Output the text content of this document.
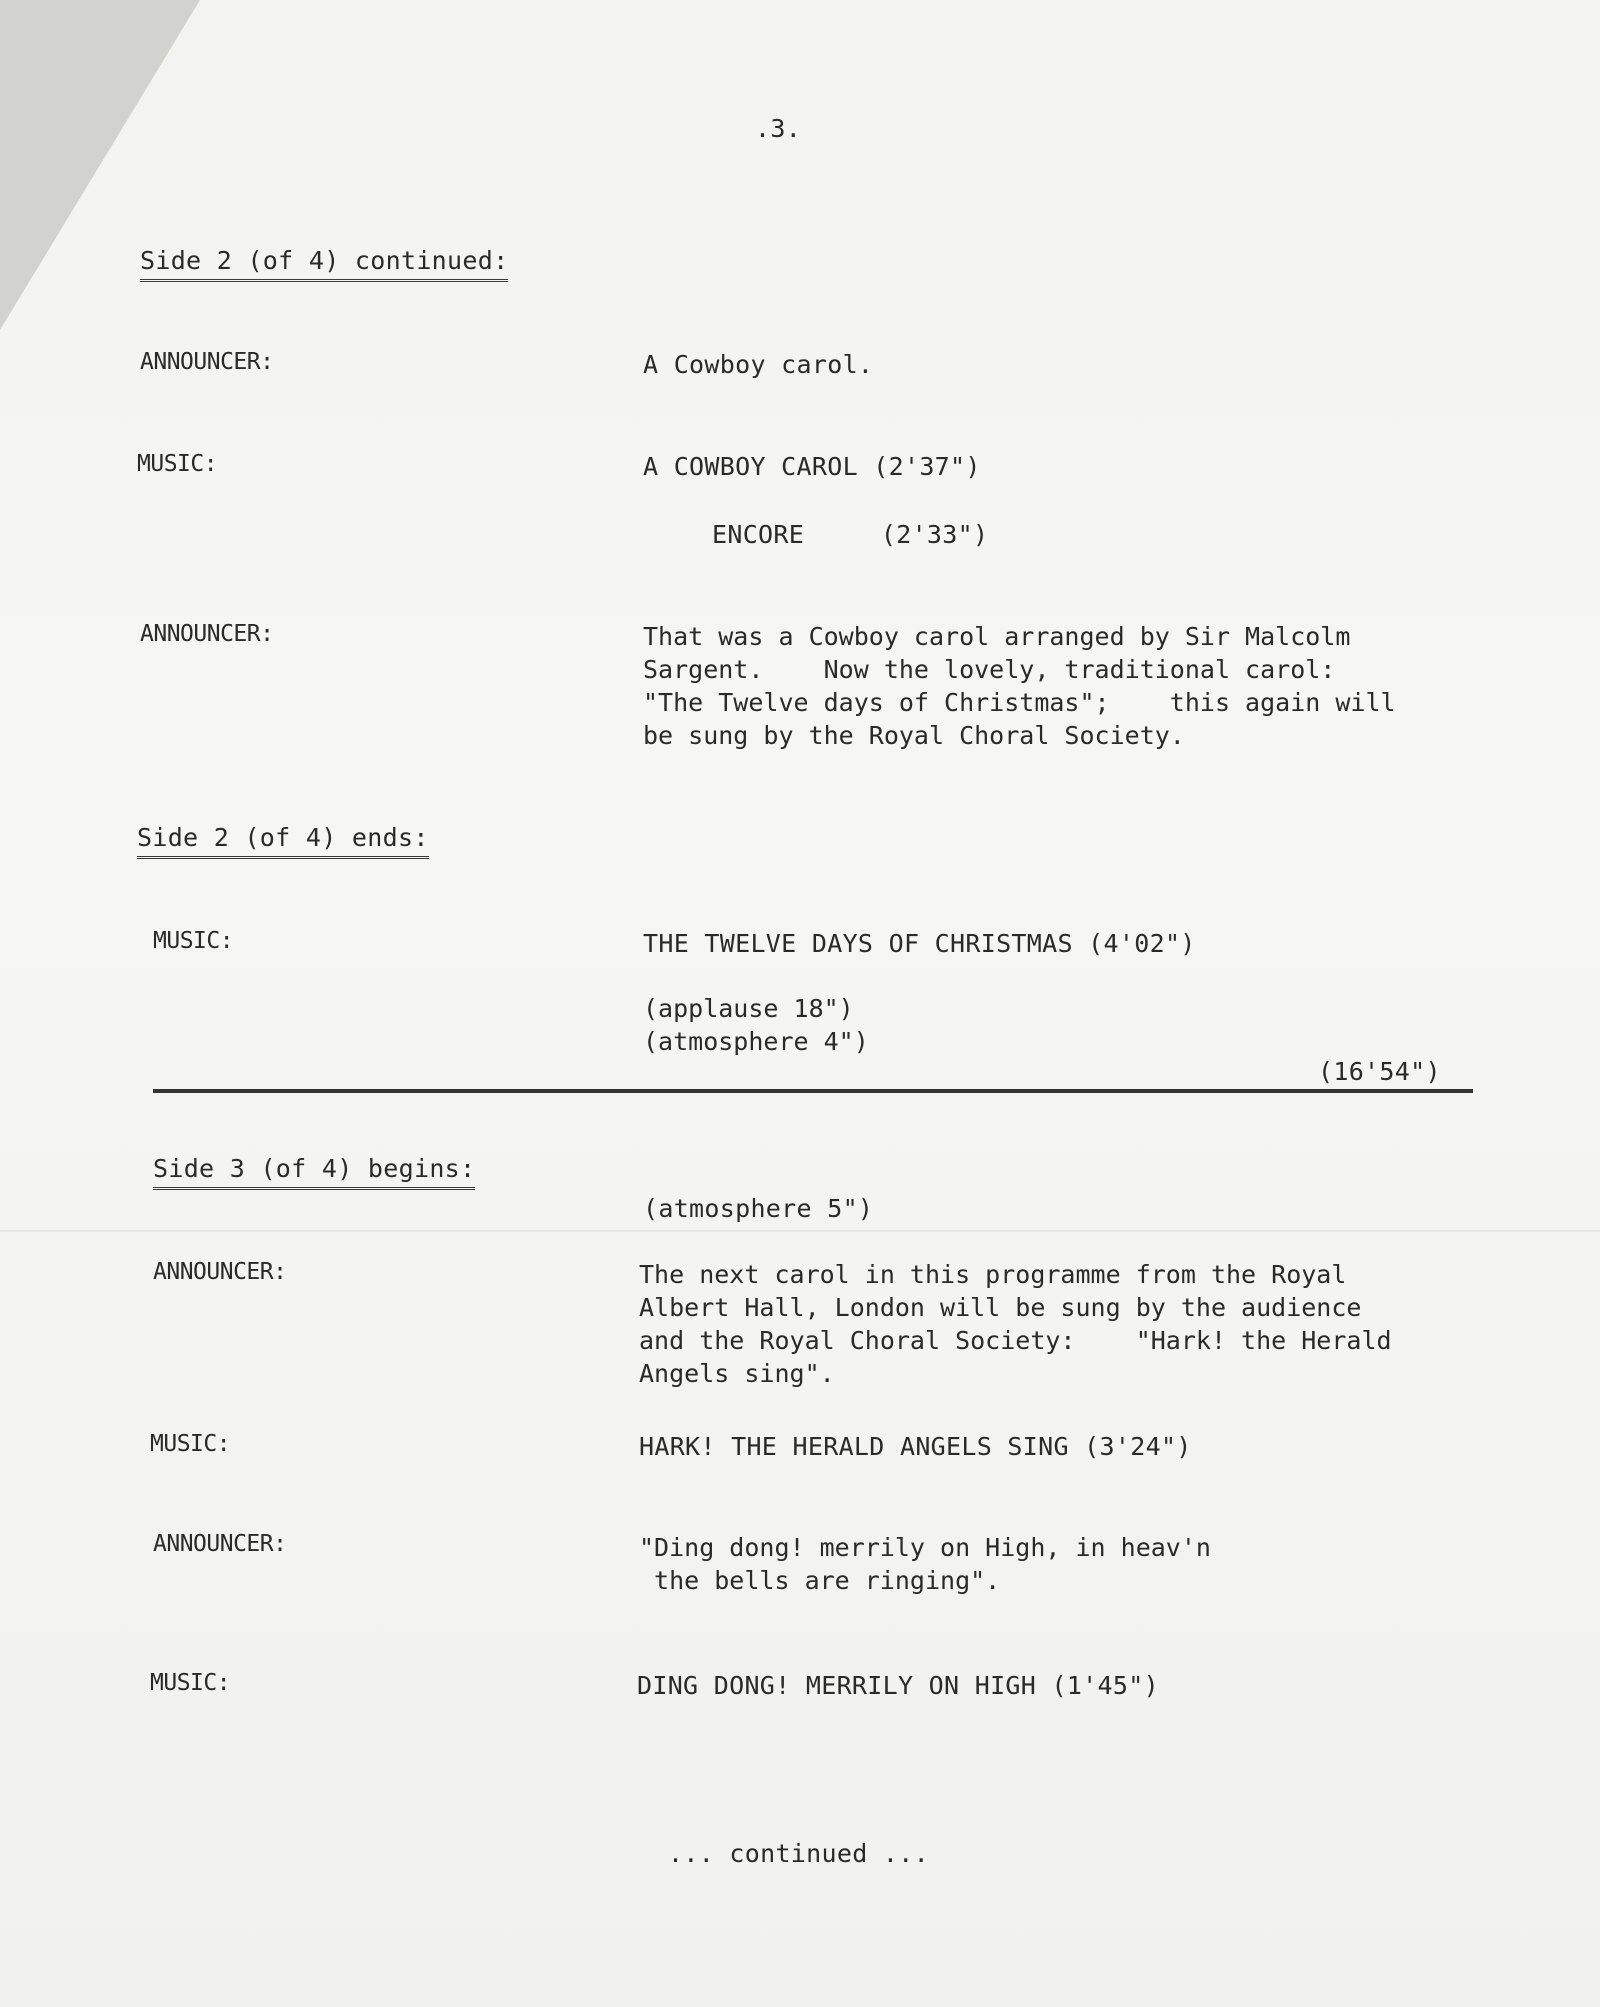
.3.
Side 2 (of 4) continued:
ANNOUNCER:	A Cowboy carol.
MUSIC:	A COWBOY CAROL (2'37")
ENCORE     (2'33")
ANNOUNCER:	That was a Cowboy carol arranged by Sir Malcolm
Sargent.    Now the lovely, traditional carol:
"The Twelve days of Christmas";    this again will
be sung by the Royal Choral Society.
Side 2 (of 4) ends:
MUSIC:	THE TWELVE DAYS OF CHRISTMAS (4'02")
(applause 18")
(atmosphere 4")
(16'54")
Side 3 (of 4) begins:
(atmosphere 5")
ANNOUNCER:	The next carol in this programme from the Royal
Albert Hall, London will be sung by the audience
and the Royal Choral Society:    "Hark! the Herald
Angels sing".
MUSIC:	HARK! THE HERALD ANGELS SING (3'24")
ANNOUNCER:	"Ding dong! merrily on High, in heav'n
the bells are ringing".
MUSIC:	DING DONG! MERRILY ON HIGH (1'45")
... continued ...
